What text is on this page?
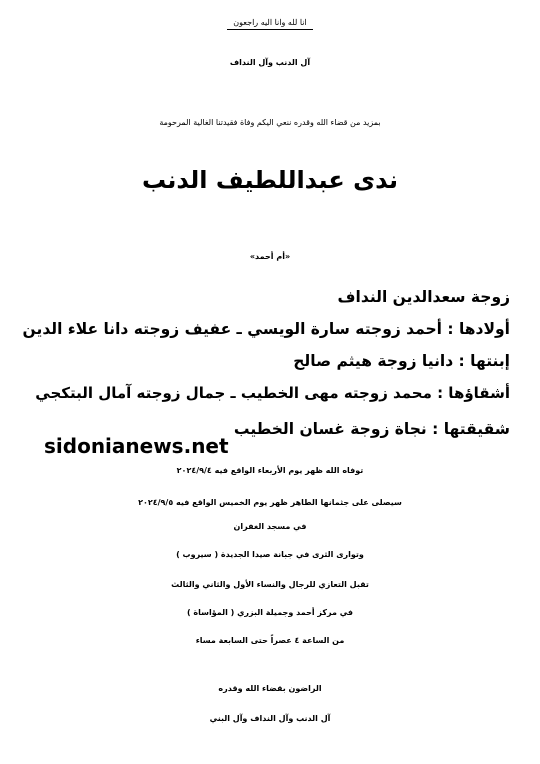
انا لله وانا اليه راجعون
آل الدنب وآل النداف
بمزيد من قضاء الله وقدره ننعي اليكم وفاة فقيدتنا الغالية المرحومة
ندى عبداللطيف الدنب
«أم أحمد»
زوجة سعدالدين النداف
أولادها : أحمد زوجته سارة الويسي ـ عفيف زوجته دانا علاء الدين
إبنتها : دانيا زوجة هيثم صالح
أشقاؤها : محمد زوجته مهى الخطيب ـ جمال زوجته آمال البتكجي
شقيقتها : نجاة زوجة غسان الخطيب
sidonianews.net
توفاه الله ظهر يوم الأربعاء الواقع فيه ٢٠٢٤/٩/٤
سيصلى على جثمانها الطاهر ظهر يوم الخميس الواقع فيه ٢٠٢٤/٩/٥
في مسجد الغفران
وتوارى الثرى في جبانة صيدا الجديدة ( سيروب )
تقبل التعازي للرجال والنساء الأول والثاني والثالث
في مركز أحمد وجميلة البزري ( المؤاساة )
من الساعة ٤ عصراً حتى السابعة مساء
الراضون بقضاء الله وقدره
آل الدنب وآل النداف وآل البني
